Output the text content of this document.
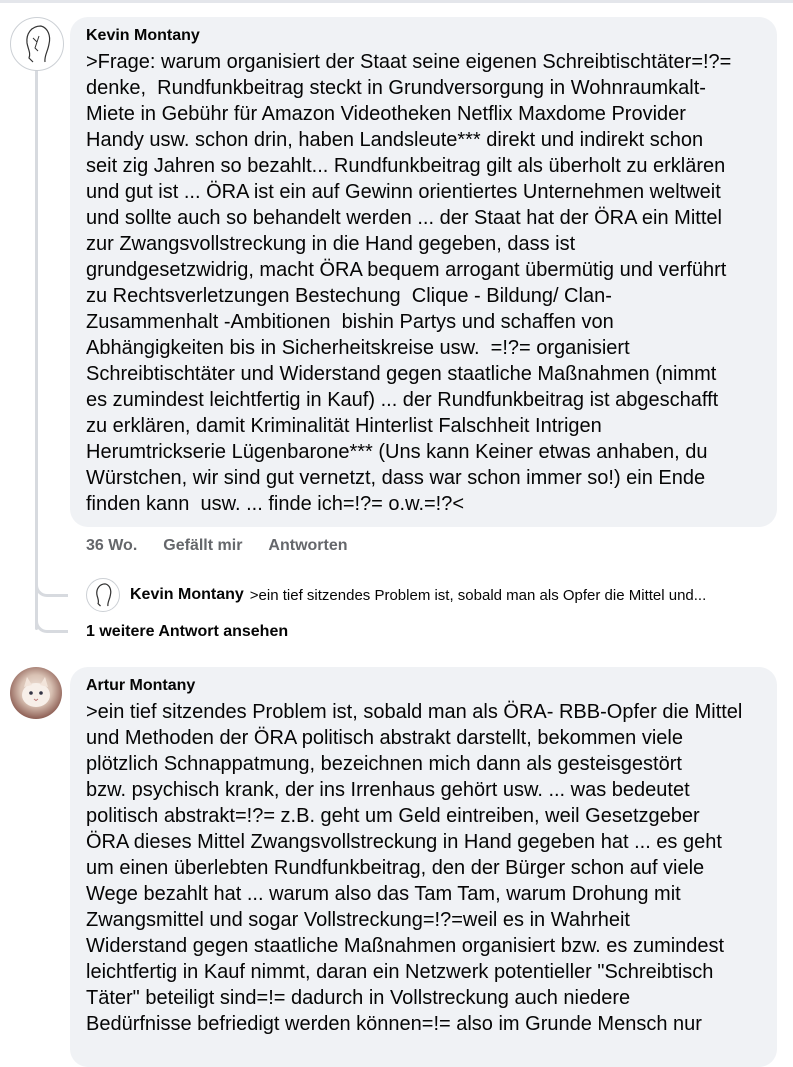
Kevin Montany
>Frage: warum organisiert der Staat seine eigenen Schreibtischtäter=!?=
denke,  Rundfunkbeitrag steckt in Grundversorgung in Wohnraumkalt-
Miete in Gebühr für Amazon Videotheken Netflix Maxdome Provider
Handy usw. schon drin, haben Landsleute*** direkt und indirekt schon
seit zig Jahren so bezahlt... Rundfunkbeitrag gilt als überholt zu erklären
und gut ist ... ÖRA ist ein auf Gewinn orientiertes Unternehmen weltweit
und sollte auch so behandelt werden ... der Staat hat der ÖRA ein Mittel
zur Zwangsvollstreckung in die Hand gegeben, dass ist
grundgesetzwidrig, macht ÖRA bequem arrogant übermütig und verführt
zu Rechtsverletzungen Bestechung  Clique - Bildung/ Clan-
Zusammenhalt -Ambitionen  bishin Partys und schaffen von
Abhängigkeiten bis in Sicherheitskreise usw.  =!?= organisiert
Schreibtischtäter und Widerstand gegen staatliche Maßnahmen (nimmt
es zumindest leichtfertig in Kauf) ... der Rundfunkbeitrag ist abgeschafft
zu erklären, damit Kriminalität Hinterlist Falschheit Intrigen
Herumtrickserie Lügenbarone*** (Uns kann Keiner etwas anhaben, du
Würstchen, wir sind gut vernetzt, dass war schon immer so!) ein Ende
finden kann  usw. ... finde ich=!?= o.w.=!?<
36 Wo. Gefällt mir Antworten
Kevin Montany >ein tief sitzendes Problem ist, sobald man als Opfer die Mittel und...
1 weitere Antwort ansehen
Artur Montany
>ein tief sitzendes Problem ist, sobald man als ÖRA- RBB-Opfer die Mittel
und Methoden der ÖRA politisch abstrakt darstellt, bekommen viele
plötzlich Schnappatmung, bezeichnen mich dann als gesteisgestört
bzw. psychisch krank, der ins Irrenhaus gehört usw. ... was bedeutet
politisch abstrakt=!?= z.B. geht um Geld eintreiben, weil Gesetzgeber
ÖRA dieses Mittel Zwangsvollstreckung in Hand gegeben hat ... es geht
um einen überlebten Rundfunkbeitrag, den der Bürger schon auf viele
Wege bezahlt hat ... warum also das Tam Tam, warum Drohung mit
Zwangsmittel und sogar Vollstreckung=!?=weil es in Wahrheit
Widerstand gegen staatliche Maßnahmen organisiert bzw. es zumindest
leichtfertig in Kauf nimmt, daran ein Netzwerk potentieller "Schreibtisch
Täter" beteiligt sind=!= dadurch in Vollstreckung auch niedere
Bedürfnisse befriedigt werden können=!= also im Grunde Mensch nur
